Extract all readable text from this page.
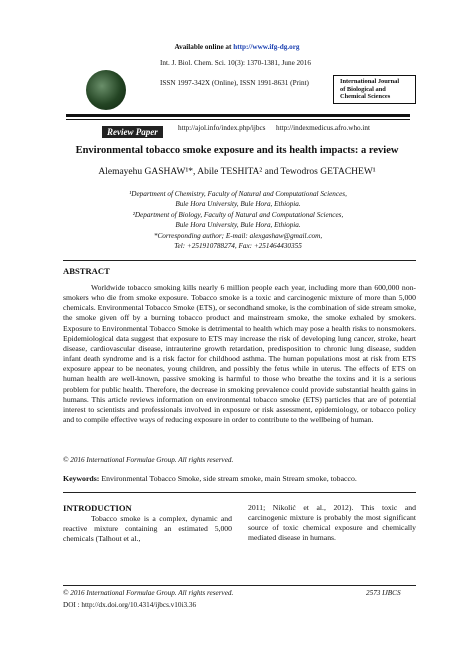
Available online at http://www.ifg-dg.org
Int. J. Biol. Chem. Sci. 10(3): 1370-1381, June 2016
ISSN 1997-342X (Online), ISSN 1991-8631 (Print)	International Journal
of Biological and
Chemical Sciences
Review Paper	http://ajol.info/index.php/ijbcs http://indexmedicus.afro.who.int
Environmental tobacco smoke exposure and its health impacts: a review
Alemayehu GASHAW¹*, Abile TESHITA² and Tewodros GETACHEW¹
¹Department of Chemistry, Faculty of Natural and Computational Sciences,
Bule Hora University, Bule Hora, Ethiopia.
²Department of Biology, Faculty of Natural and Computational Sciences,
Bule Hora University, Bule Hora, Ethiopia.
*Corresponding author; E-mail: alexgashaw@gmail.com,
Tel: +251910788274, Fax: +251464430355
ABSTRACT
Worldwide tobacco smoking kills nearly 6 million people each year, including more than 600,000 non-smokers who die from smoke exposure. Tobacco smoke is a toxic and carcinogenic mixture of more than 5,000 chemicals. Environmental Tobacco Smoke (ETS), or secondhand smoke, is the combination of side stream smoke, the smoke given off by a burning tobacco product and mainstream smoke, the smoke exhaled by smokers. Exposure to Environmental Tobacco Smoke is detrimental to health which may pose a health risks to nonsmokers. Epidemiological data suggest that exposure to ETS may increase the risk of developing lung cancer, stroke, heart disease, cardiovascular disease, intrauterine growth retardation, predisposition to chronic lung disease, sudden infant death syndrome and is a risk factor for childhood asthma. The human populations most at risk from ETS exposure appear to be neonates, young children, and possibly the fetus while in uterus. The effects of ETS on human health are well-known, passive smoking is harmful to those who breathe the toxins and it is a serious problem for public health. Therefore, the decrease in smoking prevalence could provide substantial health gains in humans. This article reviews information on environmental tobacco smoke (ETS) particles that are of potential interest to scientists and professionals involved in exposure or risk assessment, epidemiology, or tobacco policy and to compile effective ways of reducing exposure in order to contribute to the wellbeing of human.
© 2016 International Formulae Group. All rights reserved.
Keywords: Environmental Tobacco Smoke, side stream smoke, main Stream smoke, tobacco.
INTRODUCTION
Tobacco smoke is a complex, dynamic and reactive mixture containing an estimated 5,000 chemicals (Talhout et al.,
2011; Nikolić et al., 2012). This toxic and carcinogenic mixture is probably the most significant source of toxic chemical exposure and chemically mediated disease in humans.
© 2016 International Formulae Group. All rights reserved.	2573 IJBCS
DOI : http://dx.doi.org/10.4314/ijbcs.v10i3.36
